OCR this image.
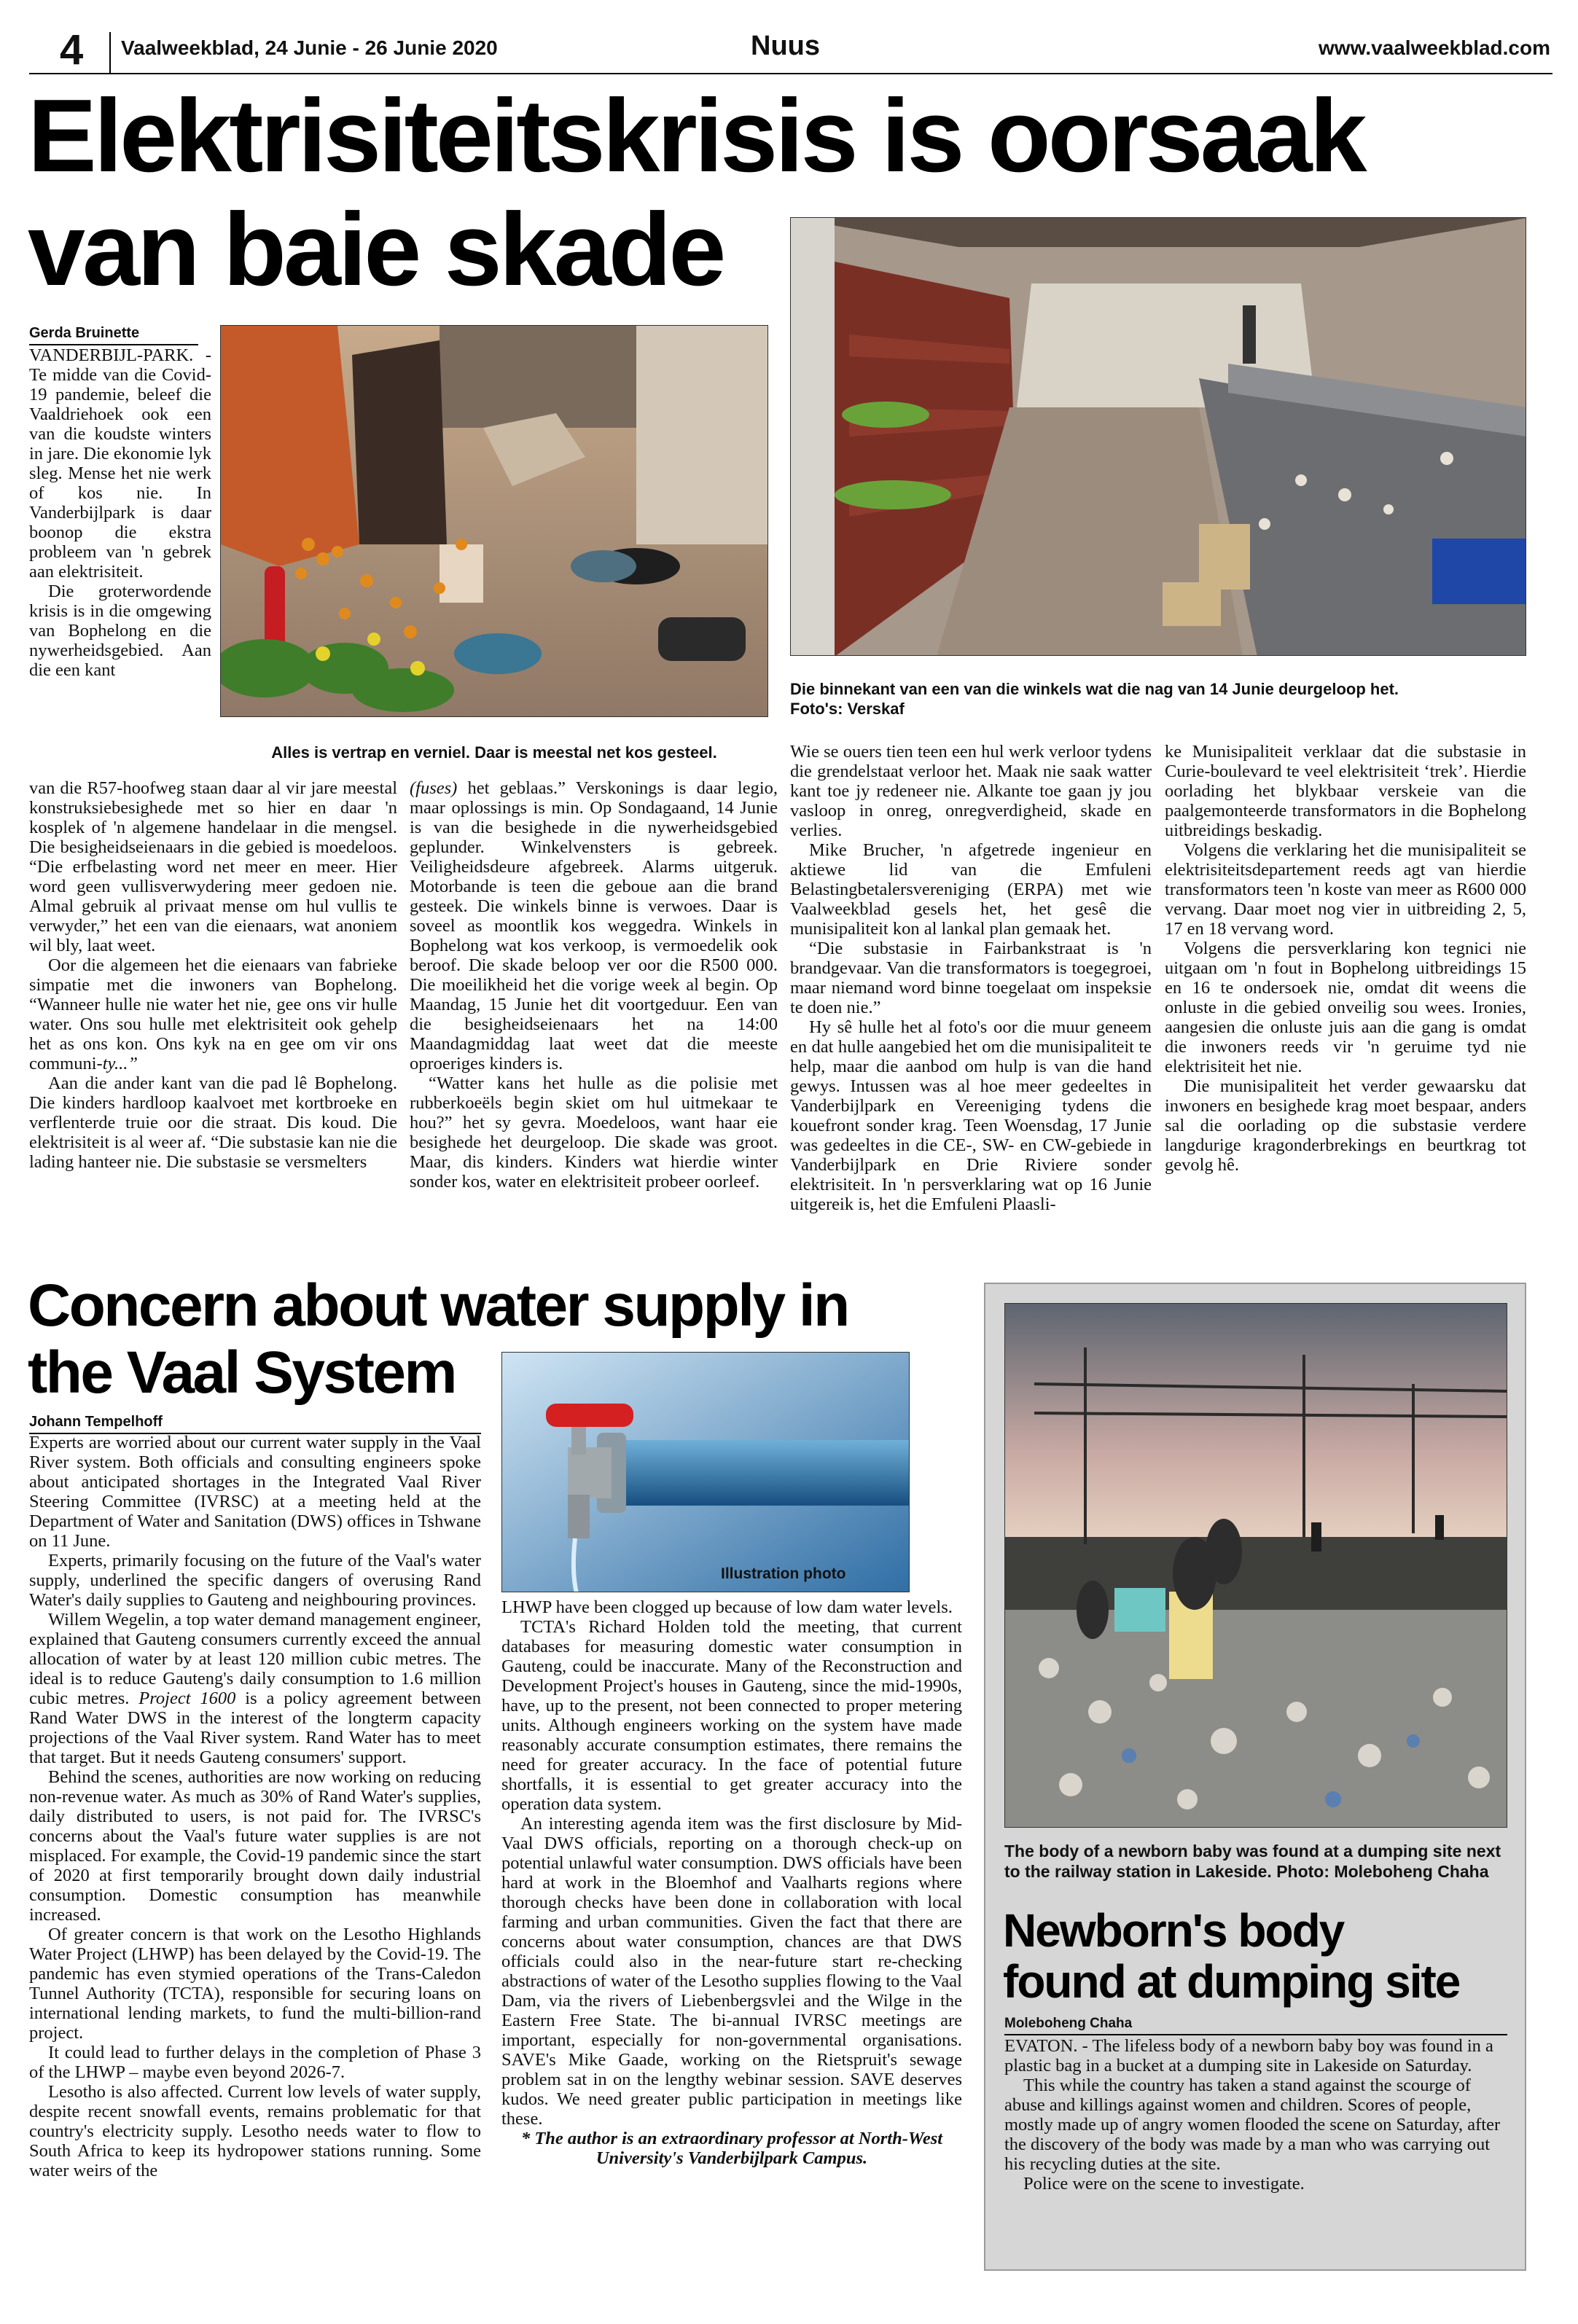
4 Vaalweekblad, 24 Junie - 26 Junie 2020	Nuus	www.vaalweekblad.com
Elektrisiteitskrisis is oorsaak
van baie skade
Gerda Bruinette
Alles is vertrap en verniel. Daar is meestal net kos gesteel.
Die binnekant van een van die winkels wat die nag van 14 Junie deurgeloop het.
Foto's: Verskaf

VANDERBIJL-PARK. - Te midde van die Covid-19 pandemie, beleef die Vaaldriehoek ook een van die koudste winters in jare. Die ekonomie lyk sleg. Mense het nie werk of kos nie. In Vanderbijlpark is daar boonop die ekstra probleem van 'n gebrek aan elektrisiteit.

Die groterwordende krisis is in die omgewing van Bophelong en die nywerheidsgebied. Aan die een kant

van die R57-hoofweg staan daar al vir jare meestal konstruksiebesighede met so hier en daar 'n kosplek of 'n algemene handelaar in die mengsel. Die besigheidseienaars in die gebied is moedeloos. “Die erfbelasting word net meer en meer. Hier word geen vullisverwydering meer gedoen nie. Almal gebruik al privaat mense om hul vullis te verwyder,” het een van die eienaars, wat anoniem wil bly, laat weet.

Oor die algemeen het die eienaars van fabrieke simpatie met die inwoners van Bophelong. “Wanneer hulle nie water het nie, gee ons vir hulle water. Ons sou hulle met elektrisiteit ook gehelp het as ons kon. Ons kyk na en gee om vir ons communi-ty...”

Aan die ander kant van die pad lê Bophelong. Die kinders hardloop kaalvoet met kortbroeke en verflenterde truie oor die straat. Dis koud. Die elektrisiteit is al weer af. “Die substasie kan nie die lading hanteer nie. Die substasie se versmelters

(fuses) het geblaas.” Verskonings is daar legio, maar oplossings is min. Op Sondagaand, 14 Junie is van die besighede in die nywerheidsgebied geplunder. Winkelvensters is gebreek. Veiligheidsdeure afgebreek. Alarms uitgeruk. Motorbande is teen die geboue aan die brand gesteek. Die winkels binne is verwoes. Daar is soveel as moontlik kos weggedra. Winkels in Bophelong wat kos verkoop, is vermoedelik ook beroof. Die skade beloop ver oor die R500 000. Die moeilikheid het die vorige week al begin. Op Maandag, 15 Junie het dit voortgeduur. Een van die besigheidseienaars het na 14:00 Maandagmiddag laat weet dat die meeste oproeriges kinders is.

“Watter kans het hulle as die polisie met rubberkoeëls begin skiet om hul uitmekaar te hou?” het sy gevra. Moedeloos, want haar eie besighede het deurgeloop. Die skade was groot. Maar, dis kinders. Kinders wat hierdie winter sonder kos, water en elektrisiteit probeer oorleef.

Wie se ouers tien teen een hul werk verloor tydens die grendelstaat verloor het. Maak nie saak watter kant toe jy redeneer nie. Alkante toe gaan jy jou vasloop in onreg, onregverdigheid, skade en verlies.

Mike Brucher, 'n afgetrede ingenieur en aktiewe lid van die Emfuleni Belastingbetalersvereniging (ERPA) met wie Vaalweekblad gesels het, het gesê die munisipaliteit kon al lankal plan gemaak het.

“Die substasie in Fairbankstraat is 'n brandgevaar. Van die transformators is toegegroei, maar niemand word binne toegelaat om inspeksie te doen nie.”

Hy sê hulle het al foto's oor die muur geneem en dat hulle aangebied het om die munisipaliteit te help, maar die aanbod om hulp is van die hand gewys. Intussen was al hoe meer gedeeltes in Vanderbijlpark en Vereeniging tydens die kouefront sonder krag. Teen Woensdag, 17 Junie was gedeeltes in die CE-, SW- en CW-gebiede in Vanderbijlpark en Drie Riviere sonder elektrisiteit. In 'n persverklaring wat op 16 Junie uitgereik is, het die Emfuleni Plaasli-

ke Munisipaliteit verklaar dat die substasie in Curie-boulevard te veel elektrisiteit ‘trek’. Hierdie oorlading het blykbaar verskeie van die paalgemonteerde transformators in die Bophelong uitbreidings beskadig.

Volgens die verklaring het die munisipaliteit se elektrisiteitsdepartement reeds agt van hierdie transformators teen 'n koste van meer as R600 000 vervang. Daar moet nog vier in uitbreiding 2, 5, 17 en 18 vervang word.

Volgens die persverklaring kon tegnici nie uitgaan om 'n fout in Bophelong uitbreidings 15 en 16 te ondersoek nie, omdat dit weens die onluste in die gebied onveilig sou wees. Ironies, aangesien die onluste juis aan die gang is omdat die inwoners reeds vir 'n geruime tyd nie elektrisiteit het nie.

Die munisipaliteit het verder gewaarsku dat inwoners en besighede krag moet bespaar, anders sal die oorlading op die substasie verdere langdurige kragonderbrekings en beurtkrag tot gevolg hê.

Concern about water supply in
the Vaal System
Johann Tempelhoff
Illustration photo

Experts are worried about our current water supply in the Vaal River system. Both officials and consulting engineers spoke about anticipated shortages in the Integrated Vaal River Steering Committee (IVRSC) at a meeting held at the Department of Water and Sanitation (DWS) offices in Tshwane on 11 June.

Experts, primarily focusing on the future of the Vaal's water supply, underlined the specific dangers of overusing Rand Water's daily supplies to Gauteng and neighbouring provinces.

Willem Wegelin, a top water demand management engineer, explained that Gauteng consumers currently exceed the annual allocation of water by at least 120 million cubic metres. The ideal is to reduce Gauteng's daily consumption to 1.6 million cubic metres. Project 1600 is a policy agreement between Rand Water DWS in the interest of the longterm capacity projections of the Vaal River system. Rand Water has to meet that target. But it needs Gauteng consumers' support.

Behind the scenes, authorities are now working on reducing non-revenue water. As much as 30% of Rand Water's supplies, daily distributed to users, is not paid for. The IVRSC's concerns about the Vaal's future water supplies is are not misplaced. For example, the Covid-19 pandemic since the start of 2020 at first temporarily brought down daily industrial consumption. Domestic consumption has meanwhile increased.

Of greater concern is that work on the Lesotho Highlands Water Project (LHWP) has been delayed by the Covid-19. The pandemic has even stymied operations of the Trans-Caledon Tunnel Authority (TCTA), responsible for securing loans on international lending markets, to fund the multi-billion-rand project.

It could lead to further delays in the completion of Phase 3 of the LHWP – maybe even beyond 2026-7.

Lesotho is also affected. Current low levels of water supply, despite recent snowfall events, remains problematic for that country's electricity supply. Lesotho needs water to flow to South Africa to keep its hydropower stations running. Some water weirs of the

LHWP have been clogged up because of low dam water levels.

TCTA's Richard Holden told the meeting, that current databases for measuring domestic water consumption in Gauteng, could be inaccurate. Many of the Reconstruction and Development Project's houses in Gauteng, since the mid-1990s, have, up to the present, not been connected to proper metering units. Although engineers working on the system have made reasonably accurate consumption estimates, there remains the need for greater accuracy. In the face of potential future shortfalls, it is essential to get greater accuracy into the operation data system.

An interesting agenda item was the first disclosure by Mid-Vaal DWS officials, reporting on a thorough check-up on potential unlawful water consumption. DWS officials have been hard at work in the Bloemhof and Vaalharts regions where thorough checks have been done in collaboration with local farming and urban communities. Given the fact that there are concerns about water consumption, chances are that DWS officials could also in the near-future start re-checking abstractions of water of the Lesotho supplies flowing to the Vaal Dam, via the rivers of Liebenbergsvlei and the Wilge in the Eastern Free State. The bi-annual IVRSC meetings are important, especially for non-governmental organisations. SAVE's Mike Gaade, working on the Rietspruit's sewage problem sat in on the lengthy webinar session. SAVE deserves kudos. We need greater public participation in meetings like these.

* The author is an extraordinary professor at North-West University's Vanderbijlpark Campus.

The body of a newborn baby was found at a dumping site next to the railway station in Lakeside. Photo: Moleboheng Chaha
Newborn's body
found at dumping site
Moleboheng Chaha

EVATON. - The lifeless body of a newborn baby boy was found in a plastic bag in a bucket at a dumping site in Lakeside on Saturday.

This while the country has taken a stand against the scourge of abuse and killings against women and children. Scores of people, mostly made up of angry women flooded the scene on Saturday, after the discovery of the body was made by a man who was carrying out his recycling duties at the site.

Police were on the scene to investigate.
